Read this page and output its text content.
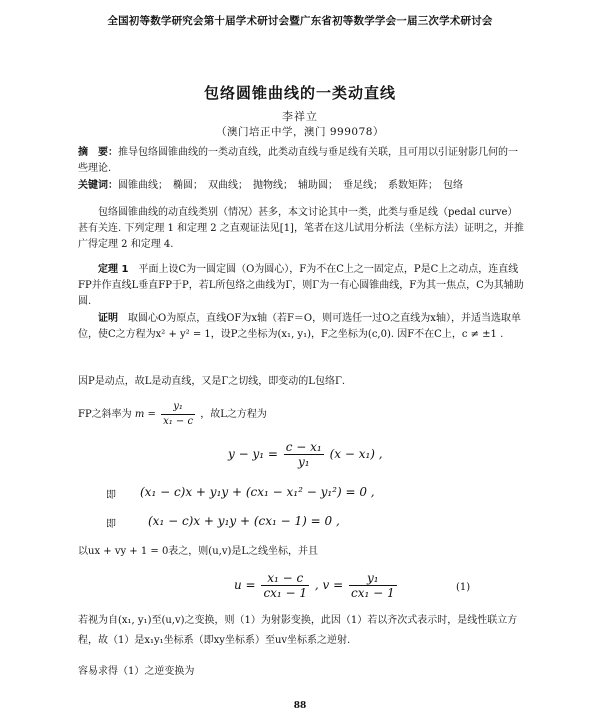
全国初等数学研究会第十届学术研讨会暨广东省初等数学学会一届三次学术研讨会
包络圆锥曲线的一类动直线
李祥立
（澳门培正中学，澳门 999078）
摘　要：推导包络圆锥曲线的一类动直线，此类动直线与垂足线有关联，且可用以引证射影几何的一些理论.
关键词：圆锥曲线；　椭圆；　双曲线；　抛物线；　辅助圆；　垂足线；　系数矩阵；　包络
包络圆锥曲线的动直线类别（情况）甚多，本文讨论其中一类，此类与垂足线（pedal curve）甚有关连. 下列定理 1 和定理 2 之直观证法见[1]，笔者在这儿试用分析法（坐标方法）证明之，并推广得定理 2 和定理 4.
定理 1　 平面上设C为一圆定圆（O为圆心），F为不在C上之一固定点，P是C上之动点，连直线FP并作直线L垂直FP于P，若L所包络之曲线为Γ，则Γ为一有心圆锥曲线，F为其一焦点，C为其辅助圆.
证明　 取圆心O为原点，直线OF为x轴（若F＝O，则可选任一过O之直线为x轴），并适当选取单位，使C之方程为x² + y² = 1，设P之坐标为(x₁, y₁)，F之坐标为(c,0). 因F不在C上，c ≠ ±1 .
因P是动点，故L是动直线，又是Γ之切线，即变动的L包络Γ.
FP之斜率为 $m = \frac{\text{y₁}}{\text{x₁ − c}}$ ，故L之方程为
$y - y_1 = \frac{\text{c − x₁}}{\text{y₁}} (x - x_1)$ ,
即	(x₁ − c)x + y₁y + (cx₁ − x₁² − y₁²) = 0 ,
即	(x₁ − c)x + y₁y + (cx₁ − 1) = 0 ,
以ux + vy + 1 = 0表之，则(u,v)是L之线坐标，并且
$u = \frac{\text{x₁ − c}}{\text{cx₁ − 1}}$ , $v = \frac{\text{y₁}}{\text{cx₁ − 1}}$	(1)
若视为自(x₁, y₁)至(u,v)之变换，则（1）为射影变换，此因（1）若以齐次式表示时，是线性联立方程，故（1）是x₁y₁坐标系（即xy坐标系）至uv坐标系之逆射.
容易求得（1）之逆变换为
88
